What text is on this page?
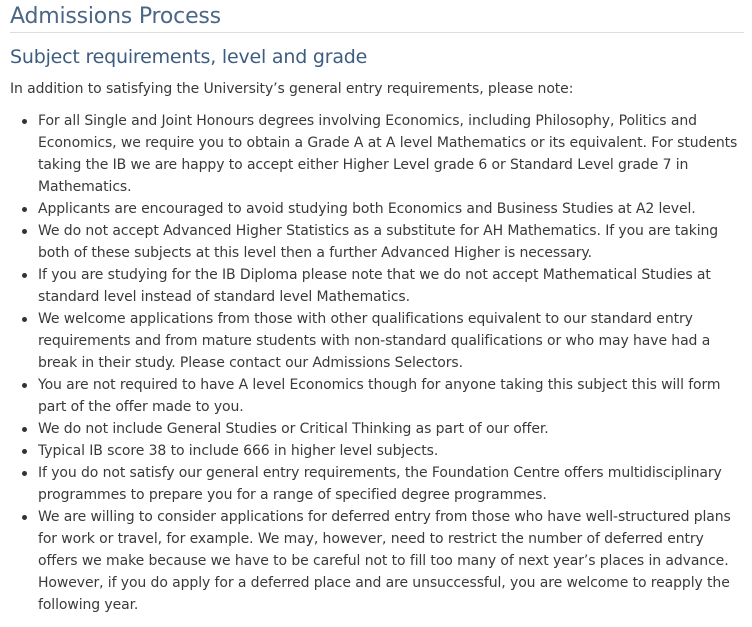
Admissions Process
Subject requirements, level and grade

In addition to satisfying the University’s general entry requirements, please note:

For all Single and Joint Honours degrees involving Economics, including Philosophy, Politics and Economics, we require you to obtain a Grade A at A level Mathematics or its equivalent. For students taking the IB we are happy to accept either Higher Level grade 6 or Standard Level grade 7 in Mathematics.
Applicants are encouraged to avoid studying both Economics and Business Studies at A2 level.
We do not accept Advanced Higher Statistics as a substitute for AH Mathematics. If you are taking both of these subjects at this level then a further Advanced Higher is necessary.
If you are studying for the IB Diploma please note that we do not accept Mathematical Studies at standard level instead of standard level Mathematics.
We welcome applications from those with other qualifications equivalent to our standard entry requirements and from mature students with non-standard qualifications or who may have had a break in their study. Please contact our Admissions Selectors.
You are not required to have A level Economics though for anyone taking this subject this will form part of the offer made to you.
We do not include General Studies or Critical Thinking as part of our offer.
Typical IB score 38 to include 666 in higher level subjects.
If you do not satisfy our general entry requirements, the Foundation Centre offers multidisciplinary programmes to prepare you for a range of specified degree programmes.
We are willing to consider applications for deferred entry from those who have well-structured plans for work or travel, for example. We may, however, need to restrict the number of deferred entry offers we make because we have to be careful not to fill too many of next year’s places in advance. However, if you do apply for a deferred place and are unsuccessful, you are welcome to reapply the following year.
